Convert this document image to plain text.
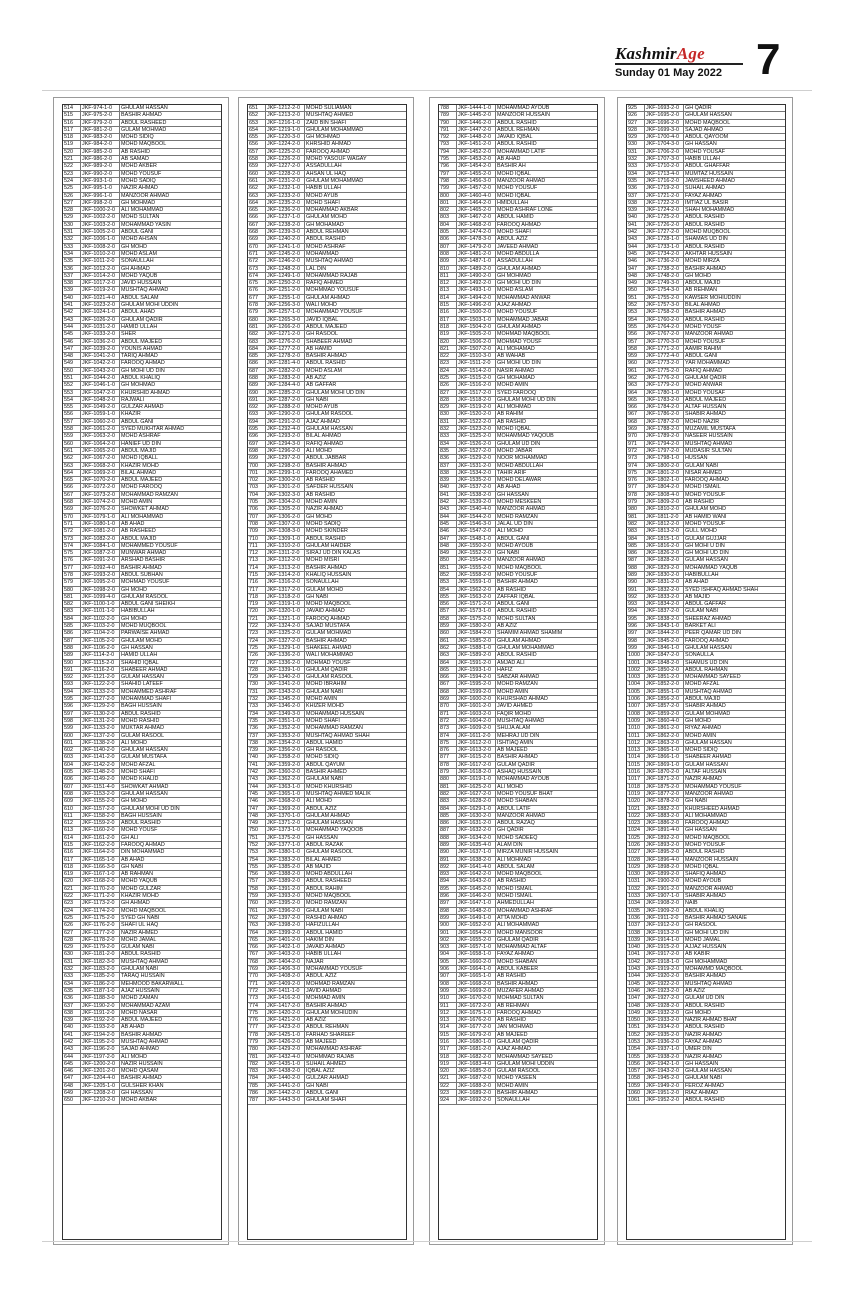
KashmirAge
Sunday 01 May 2022 7
514	JKF-974-1-0	GHULAM HASSAN
515	JKF-975-2-0	BASHIR AHMAD
516	JKF-979-2-0	ABDUL RASHEED
517	JKF-981-2-0	GULAM MOHMAD
518	JKF-983-2-0	MOHD SIDIQ
519	JKF-984-2-0	MOHD MAQBOOL
520	JKF-985-2-0	AB RASHID
521	JKF-986-2-0	AB SAMAD
522	JKF-989-2-0	MOHD AKBER
523	JKF-990-2-0	MOHD YOUSUF
524	JKF-993-1-0	MOHD SADIQ
525	JKF-995-1-0	NAZIR AHMAD
526	JKF-996-1-0	MANZOOR AHMAD
527	JKF-998-2-0	GH MOHMAD
528	JKF-1000-2-0	ALI MOHAMMAD
529	JKF-1002-2-0	MOHD SULTAN
530	JKF-1003-2-0	MOHAMMAD YASIN
531	JKF-1005-2-0	ABDUL GANI
532	JKF-1006-1-0	MOHD AHSAN
533	JKF-1008-2-0	GH MOHD
534	JKF-1010-2-0	MOHD ASLAM
535	JKF-1011-2-0	SONAULLAH
536	JKF-1012-2-0	GH AHMAD
537	JKF-1014-2-0	MOHD YAQUB
538	JKF-1017-2-0	JAVID HUSSAIN
539	JKF-1019-2-0	MUSHTAQ AHMAD
540	JKF-1021-4-0	ABDUL SALAM
541	JKF-1023-2-0	GHULAM MOHI UDDIN
542	JKF-1024-1-0	ABDUL AHAD
543	JKF-1026-2-0	GHULAM QADIR
544	JKF-1031-2-0	HAMID ULLAH
545	JKF-1033-2-0	SHER
546	JKF-1036-2-0	ABDUL MAJEED
547	JKF-1039-2-0	YOUNIS AHMAD
548	JKF-1041-2-0	TARIQ AHMAD
549	JKF-1042-2-0	FAROOQ AHMAD
550	JKF-1043-2-0	GH MOHI UD DIN
551	JKF-1044-2-0	ABDUL KHALIQ
552	JKF-1046-1-0	GH MOHMAD
553	JKF-1047-2-0	KHURSHID AHMAD
554	JKF-1048-2-0	RAJWALI
555	JKF-1049-2-0	GULZAR AHMAD
556	JKF-1059-1-0	KHAZIR
557	JKF-1060-2-0	ABDUL GANI
558	JKF-1061-2-0	SYED MUKHTAR AHMAD
559	JKF-1063-2-0	MOHD ASHRAF
560	JKF-1064-2-0	HANIEF UD DIN
561	JKF-1065-2-0	ABDUL MAJID
562	JKF-1067-2-0	MOHD IQBALL
563	JKF-1068-2-0	KHAZIR MOHD
564	JKF-1069-2-0	BILAL AHMAD
565	JKF-1070-2-0	ABDUL MAJEED
566	JKF-1072-2-0	MOHD FAROOQ
567	JKF-1073-2-0	MOHAMMAD RAMZAN
568	JKF-1074-2-0	MOHD AMIN
569	JKF-1076-2-0	SHOWKET AHMAD
570	JKF-1079-1-0	ALI MOHAMMAD
571	JKF-1080-1-0	AB AHAD
572	JKF-1081-2-0	AB RASHEED
573	JKF-1082-2-0	ABDUL MAJID
574	JKF-1084-1-0	MOHAMMED YOUSUF
575	JKF-1087-2-0	MUNWAR AHMAD
576	JKF-1091-2-0	ARSHAD BASHIR
577	JKF-1092-4-0	BASHIR AHMAD
578	JKF-1093-2-0	ABDUL SUBHAN
579	JKF-1095-2-0	MOHMAD YOUSUF
580	JKF-1098-2-0	GH MOHD
581	JKF-1099-4-0	GHULAM RASOOL
582	JKF-1100-1-0	ABDUL GANI SHEIKH
583	JKF-1101-1-0	HABIBULLAH
584	JKF-1102-2-0	GH MOHD
585	JKF-1103-2-0	MOHD MUQBOOL
586	JKF-1104-2-0	PARWAISE AHMAD
587	JKF-1105-2-0	GHULAM MOHD
588	JKF-1106-2-0	GH HASSAN
589	JKF-1114-2-0	HAMID ULLAH
590	JKF-1115-2-0	SHAHID IQBAL
591	JKF-1116-2-0	SHABEER AHMAD
592	JKF-1121-2-0	GULAM HASSAN
593	JKF-1122-2-0	SHAHID LATEEF
594	JKF-1133-2-0	MOHAMMED ASHRAF
595	JKF-1127-2-0	MOHAMMAD SHAFI
596	JKF-1129-2-0	BAGH HUSSAIN
597	JKF-1130-2-0	ABDUL RASHID
598	JKF-1131-2-0	MOHD RASHID
599	JKF-1133-2-0	MUKTAR AHMAD
600	JKF-1137-2-0	GULAM RASOOL
601	JKF-1138-2-0	ALI MOHD
602	JKF-1140-2-0	GHULAM HASSAN
603	JKF-1141-2-0	GULAM MUSTAFA
604	JKF-1142-2-0	MOHD AFZAL
605	JKF-1148-2-0	MOHD SHAFI
606	JKF-1149-2-0	MOHD KHALID
607	JKF-1151-4-0	SHOWKAT AHMAD
608	JKF-1153-2-0	GHULAM HASSAN
609	JKF-1155-2-0	GH MOHD
610	JKF-1157-2-0	GHULAM MOHI UD DIN
611	JKF-1158-2-0	BAGH HUSSAIN
612	JKF-1159-2-0	ABDUL RASHID
613	JKF-1160-2-0	MOHD YOUSF
614	JKF-1161-2-0	GH ALI
615	JKF-1162-2-0	FAROOQ AHMAD
616	JKF-1164-2-0	DIN MOHAMMAD
617	JKF-1165-1-0	AB AHAD
618	JKF-1166-3-0	GH NABI
619	JKF-1167-1-0	AB RAHMAN
620	JKF-1168-2-0	MOHD YAQUB
621	JKF-1170-2-0	MOHD GULZAR
622	JKF-1171-2-0	KHAZIR MOHD
623	JKF-1173-2-0	GH AHMAD
624	JKF-1174-2-0	MOHD MAQBOOL
625	JKF-1175-2-0	SYED GH NABI
626	JKF-1176-2-0	SHAFI UL HAQ
627	JKF-1177-2-0	NAZIR AHMED
628	JKF-1178-2-0	MOHD JAMAL
629	JKF-1179-2-0	GULAM NABI
630	JKF-1181-2-0	ABDUL RASHID
631	JKF-1182-3-0	MUSHTAQ AHMAD
632	JKF-1183-2-0	GHULAM NABI
633	JKF-1185-2-0	TARAQ HUSSAIN
634	JKF-1186-2-0	MEHMOOD BAKARWALL
635	JKF-1187-1-0	AJAZ HUSSAIN
636	JKF-1188-3-0	MOHD ZAMAN
637	JKF-1190-2-0	MOHAMMAD AZAM
638	JKF-1191-2-0	MOHD NASAR
639	JKF-1192-2-0	ABDUL MAJEED
640	JKF-1193-2-0	AB AHAD
641	JKF-1194-2-0	BASHIR AHMAD
642	JKF-1195-2-0	MUSHTAQ AHMAD
643	JKF-1196-2-0	SAJAD AHMAD
644	JKF-1197-2-0	ALI MOHD
645	JKF-1200-2-0	NAZIR HUSSAIN
646	JKF-1201-2-0	MOHD QASAM
647	JKF-1204-4-0	BASHIR AHMAD
648	JKF-1205-1-0	GULSHER KHAN
649	JKF-1208-2-0	GH HASSAN
650	JKF-1210-2-0	MOHD AKBAR
651	JKF-1212-2-0	MOHD SULIAMAN
652	JKF-1213-2-0	MUSHTAQ AHMED
653	JKF-1216-1-0	ZAID BIN SHAFI
654	JKF-1219-1-0	GHULAM MOHAMMAD
655	JKF-1220-3-0	GH MOHMAD
656	JKF-1224-2-0	KHRSHID AHMAD
657	JKF-1225-2-0	FAROOQ AHMAD
658	JKF-1226-2-0	MOHD YASOUF WAGAY
659	JKF-1227-2-0	ASSADULLAH
660	JKF-1228-2-0	AHSAN UL HAQ
661	JKF-1231-2-0	GHULAM MOHAMMAD
662	JKF-1232-1-0	HABIB ULLAH
663	JKF-1233-2-0	MOHD AYUB
664	JKF-1235-2-0	MOHD SHAFI
665	JKF-1236-2-0	MOHAMMAD AKBAR
666	JKF-1237-1-0	GHULAM MOHD
667	JKF-1238-2-0	GH MOHAMAD
668	JKF-1239-3-0	ABDUL REHMAN
669	JKF-1240-2-0	ABDUL RASHID
670	JKF-1241-1-0	MOHD ASHRAF
671	JKF-1245-2-0	MOHAMMAD
672	JKF-1246-2-0	MUSHTAQ AHMAD
673	JKF-1248-2-0	LAL DIN
674	JKF-1249-1-0	MOHAMMAD RAJAB
675	JKF-1250-2-0	RAFIQ AHMED
676	JKF-1251-2-0	MOHMMAD YOUSUF
677	JKF-1255-1-0	GHULAM AHMAD
678	JKF-1256-3-0	WALI MOHD
679	JKF-1257-1-0	MOHAMMAD YOUSUF
680	JKF-1265-3-0	JAVID IQBAL
681	JKF-1266-2-0	ABDUL MAJEED
682	JKF-1271-2-0	GH RASOOL
683	JKF-1276-2-0	SHABEER AHMAD
684	JKF-1277-2-0	AB HAMID
685	JKF-1278-2-0	BASHIR AHMAD
686	JKF-1281-4-0	ABDUL RASHID
687	JKF-1282-2-0	MOHD ASLAM
688	JKF-1283-2-0	AB AZIZ
689	JKF-1284-4-0	AB GAFFAR
690	JKF-1285-2-0	GHULAM MOHI UD DIN
691	JKF-1287-2-0	GH NABI
692	JKF-1288-2-0	MOHD AYUB
693	JKF-1290-2-0	GHULAM RASOOL
694	JKF-1291-2-0	AJAZ AHMAD
695	JKF-1292-4-0	GHULAM HASSAN
696	JKF-1293-2-0	BILAL AHMAD
697	JKF-1294-3-0	RAFIQ AHMAD
698	JKF-1296-2-0	ALI MOHD
699	JKF-1297-2-0	ABDUL JABBAR
700	JKF-1298-2-0	BASHIR AHMAD
701	JKF-1299-1-0	FAROOQ AHAMED
702	JKF-1300-2-0	AB RASHID
703	JKF-1301-2-0	SAFDER HUSSAIN
704	JKF-1302-3-0	AB RASHID
705	JKF-1304-2-0	MOHD AMIN
706	JKF-1305-2-0	NAZIR AHMAD
707	JKF-1306-2-0	GH MOHD
708	JKF-1307-2-0	MOHD SADIQ
709	JKF-1308-3-0	MOHD SKINDER
710	JKF-1309-1-0	ABDUL RASHID
711	JKF-1310-2-0	GHULAM HAIDER
712	JKF-1311-2-0	SIRAJ UD DIN KALAS
713	JKF-1312-2-0	MOHD MISRI
714	JKF-1313-2-0	BASHIR AHMAD
715	JKF-1314-2-0	KHALIQ HUSSAIN
716	JKF-1316-2-0	SONAULLAH
717	JKF-1317-2-0	GULAM MOHD
718	JKF-1318-2-0	GH NABI
719	JKF-1319-1-0	MOHD MAQBOOL
720	JKF-1320-1-0	JAVAID AHMAD
721	JKF-1321-1-0	FAROOQ AHMAD
722	JKF-1324-2-0	SAJAD MUSTAFA
723	JKF-1325-2-0	GULAM MOHMAD
724	JKF-1327-2-0	BASHIR AHMAD
725	JKF-1329-1-0	SHAKEEL AHMAD
726	JKF-1336-2-0	WALI MOHAMMAD
727	JKF-1336-2-0	MOHMAD YOUSF
728	JKF-1339-1-0	GHULAM QADIR
729	JKF-1340-2-0	GHULAM RASOOL
730	JKF-1341-2-0	MOHD IBRAHIM
731	JKF-1343-2-0	GHULAM NABI
732	JKF-1345-2-0	MOHD AMIN
733	JKF-1346-2-0	KHIZER MOHD
734	JKF-1349-3-0	MOHAMMAD HUSSAIN
735	JKF-1351-1-0	MOHD SHAFI
736	JKF-1352-2-0	MOHAMMAD RAMZAN
737	JKF-1353-2-0	MUSHTAQ AHMAD SHAH
738	JKF-1354-2-0	ABDUL HAMID
739	JKF-1356-2-0	GH RASOOL
740	JKF-1358-2-0	MOHD SIDIQ
741	JKF-1359-2-0	ABDUL QAYUM
742	JKF-1360-2-0	BASHIR AHMED
743	JKF-1362-2-0	GHULAM NABI
744	JKF-1363-1-0	MOHD KHURSHID
745	JKF-1365-1-0	MUSHTAQ AHMED MALIK
746	JKF-1368-2-0	ALI MOHD
747	JKF-1369-2-0	ABDUL AZIZ
748	JKF-1370-1-0	GHULAM AHMAD
749	JKF-1371-2-0	GHULAM HASSAN
750	JKF-1373-1-0	MOHAMMAD YAQOOB
751	JKF-1375-2-0	GH HASSAN
752	JKF-1377-1-0	ABDUL RAZAK
753	JKF-1380-1-0	GHULAM RASOOL
754	JKF-1383-2-0	BILAL AHMED
755	JKF-1385-2-0	AB MAJID
756	JKF-1388-2-0	MOHD ABDULLAH
757	JKF-1389-2-0	ABDUL RASHEED
758	JKF-1391-2-0	ABDUL RAHIM
759	JKF-1393-2-0	MOHD MAQBOOL
760	JKF-1395-2-0	MOHD RAMZAN
761	JKF-1396-2-0	GHULAM NABI
762	JKF-1397-2-0	RASHID AHMAD
763	JKF-1398-2-0	HAFIZULLAH
764	JKF-1399-2-0	ABDUL HAMID
765	JKF-1401-2-0	HAKIM DIN
766	JKF-1402-1-0	JAVAID AHMAD
767	JKF-1403-2-0	HABIB ULLAH
768	JKF-1404-2-0	NAJAR
769	JKF-1406-3-0	MOHAMMAD YOUSUF
770	JKF-1408-2-0	ABDUL AZIZ
771	JKF-1409-2-0	MOHMAD RAMZAN
772	JKF-1411-1-0	JAVID AHMAD
773	JKF-1416-2-0	MOHMAD AMIN
774	JKF-1417-2-0	BASHIR AHMAD
775	JKF-1420-2-0	GHULAM MOHIUDIN
776	JKF-1421-2-0	AB AZIZ
777	JKF-1423-2-0	ABDUL REHMAN
778	JKF-1425-1-0	FARHAD SHAREEF
779	JKF-1426-2-0	AB MAJEED
780	JKF-1429-2-0	MOHAMMAD ASHRAF
781	JKF-1432-4-0	MOHMMAD RAJAB
782	JKF-1435-1-0	SUHAIL AHMED
783	JKF-1438-2-0	IQBAL AZIZ
784	JKF-1440-2-0	GULZAR AHMAD
785	JKF-1441-2-0	GH NABI
786	JKF-1442-2-0	ABDUL GANI
787	JKF-1443-3-0	GHULAM SHAFI
788	JKF-1444-1-0	MOHAMMAD AYOUB
789	JKF-1445-2-0	MANZOOR HUSSAIN
790	JKF-1446-2-0	ABDUL RASHID
791	JKF-1447-2-0	ABDUL REHMAN
792	JKF-1448-2-0	JAVAID IQBAL
793	JKF-1451-2-0	ABDUL RASHID
794	JKF-1452-2-0	MOHAMMAD LATIF
795	JKF-1453-2-0	AB AHAD
796	JKF-1454-2-0	BASHIR AH
797	JKF-1455-2-0	MOHD IQBAL
798	JKF-1456-3-0	MANZOOR AHMAD
799	JKF-1457-2-0	MOHD YOUSUF
800	JKF-1460-4-0	MOHD IQBAL
801	JKF-1464-2-0	HMIDULLAH
802	JKF-1465-2-0	MOHD ASHRAF LONE
803	JKF-1467-2-0	ABDUL HAMID
804	JKF-1468-2-0	FAROOQ AHMAD
805	JKF-1474-2-0	MOHD SHAFI
806	JKF-1478-3-0	ABDUL AZIZ
807	JKF-1479-2-0	JAVEED AHMAD
808	JKF-1481-2-0	MOHD ABDULLA
809	JKF-1487-1-0	ASSADULLAH
810	JKF-1489-2-0	GHULAM AHMAD
811	JKF-1490-2-0	GH MOHMAD
812	JKF-1492-2-0	GH MOHI UD DIN
813	JKF-1493-1-0	MOHD ASLAM
814	JKF-1494-2-0	MOHAMMAD ANWAR
815	JKF-1496-2-0	AJAZ AHMAD
816	JKF-1500-2-0	MOHD YOUSUF
817	JKF-1503-1-0	MOHAMMAD JABAR
818	JKF-1504-2-0	GHULAM AHMAD
819	JKF-1505-2-0	MOHMAD MAQBOOL
820	JKF-1506-2-0	MOHMAD YOUSF
821	JKF-1507-2-0	ALI MOHAMAD
822	JKF-1510-3-0	AB WAHAB
823	JKF-1511-2-0	GH MOHI UD DIN
824	JKF-1514-2-0	NASIR AHMAD
825	JKF-1515-2-0	GH MOHAMAD
826	JKF-1516-2-0	MOHD AMIN
827	JKF-1517-2-0	SYED FAROOQ
828	JKF-1518-2-0	GHULAM MOHI UD DIN
829	JKF-1519-2-0	ALI MOHMAD
830	JKF-1520-2-0	AB RAHIM
831	JKF-1522-2-0	AB RASHID
832	JKF-1523-2-0	MOHD IQBAL
833	JKF-1525-2-0	MOHAMMAD YAQOUB
834	JKF-1526-2-0	GHULAM UD DIN
835	JKF-1527-2-0	MOHD JABAR
836	JKF-1529-2-0	NOOR MOHAMMAD
837	JKF-1531-2-0	MOHD ABDULLAH
838	JKF-1534-2-0	TAHIR ARIF
839	JKF-1535-2-0	MOHD DELAWAR
840	JKF-1537-2-0	AB AHAD
841	JKF-1538-2-0	GH HASSAN
842	JKF-1539-2-0	MOHD MESKEEN
843	JKF-1540-4-0	MANZOOR AHMAD
844	JKF-1544-2-0	MOHD RAMZAN
845	JKF-1546-3-0	JALAL UD DIN
846	JKF-1547-2-0	ALI MOHD
847	JKF-1548-1-0	ABDUL GANI
848	JKF-1550-2-0	MOHD AYOUB
849	JKF-1552-2-0	GH NABI
850	JKF-1554-2-0	MANZOOR AHMAD
851	JKF-1555-2-0	MOHD MAQBOOL
852	JKF-1558-2-0	MOHD YOUSUF
853	JKF-1559-1-0	BASHIR AHMAD
854	JKF-1562-2-0	AB RASHID
855	JKF-1563-2-0	ZAFFAR IQBAL
856	JKF-1571-2-0	ABDUL GANI
857	JKF-1573-1-0	ABDUL RASHID
858	JKF-1575-2-0	MOHD SULTAN
859	JKF-1580-2-0	AB AZIZ
860	JKF-1584-2-0	SHAMIM AHMAD SHAMIM
861	JKF-1585-2-0	GHULAM AHMAD
862	JKF-1588-1-0	GHULAM MOHAMMAD
863	JKF-1589-2-0	ABDUL RASHID
864	JKF-1591-2-0	AMJAD ALI
865	JKF-1593-1-0	HAFIZ
866	JKF-1594-2-0	SABZAR AHMAD
867	JKF-1595-2-0	MOHD RAMZAN
868	JKF-1599-2-0	MOHD AMIN
869	JKF-1600-2-0	KHURSHAD AHMAD
870	JKF-1601-2-0	JAVID AHMED
871	JKF-1603-2-0	FAQIR MOHD
872	JKF-1604-2-0	MUSHTAQ AHMAD
873	JKF-1609-2-0	SHUJA ALAM
874	JKF-1611-2-0	MEHRAJ UD DIN
875	JKF-1612-2-0	ISHTIAQ AMIN
876	JKF-1613-2-0	AB MAJEED
877	JKF-1615-2-0	BASHIR AHMAD
878	JKF-1617-2-0	GULAM QADIR
879	JKF-1618-2-0	ASHAQ HUSSAIN
880	JKF-1619-1-0	MOHAMMAD AYOUB
881	JKF-1625-2-0	ALI MOHD
882	JKF-1627-2-0	MOHD YOUSUF BHAT
883	JKF-1628-2-0	MOHD SHABAN
884	JKF-1629-1-0	ABDUL LATIF
885	JKF-1630-2-0	MANZOOR AHMAD
886	JKF-1631-2-0	ABDUL RAZAQ
887	JKF-1632-2-0	GH QADIR
888	JKF-1634-2-0	MOHD SADEEQ
889	JKF-1635-4-0	ALAM DIN
890	JKF-1637-1-0	MIRZA MUNIR HUSSAIN
891	JKF-1638-2-0	ALI MOHMAD
892	JKF-1641-4-0	ABDUL SALAM
893	JKF-1642-2-0	MOHD MAQBOOL
894	JKF-1643-2-0	AB RASHID
895	JKF-1645-2-0	MOHD ISMAIL
896	JKF-1646-2-0	MOHD ISMAIL
897	JKF-1647-1-0	AHMEDULLAH
898	JKF-1648-2-0	MOHAMMAD ASHRAF
899	JKF-1649-1-0	ATTA MOHD
900	JKF-1652-2-0	ALI MOHAMMAD
901	JKF-1654-2-0	MOHD MANSOOR
902	JKF-1655-2-0	GHULAM QADIR
903	JKF-1657-1-0	MOHAMMAD ALTAF
904	JKF-1658-1-0	FAYAZ AHMAD
905	JKF-1660-2-0	MOHD SHABAN
906	JKF-1664-1-0	ABDUL KABEER
907	JKF-1665-1-0	AB RASHID
908	JKF-1668-2-0	BASHIR AHMAD
909	JKF-1669-2-0	MUZAFER AHMAD
910	JKF-1670-2-0	MOHMAD SULTAN
911	JKF-1672-2-0	AB REHMAN
912	JKF-1675-1-0	FAROOQ AHMAD
913	JKF-1676-2-0	AB RASHID
914	JKF-1677-2-0	JAN MOHMAD
915	JKF-1679-2-0	AB MAJEED
916	JKF-1680-1-0	GHULAM QADIR
917	JKF-1681-2-0	AJAZ AHMAD
918	JKF-1682-2-0	MOHAMMAD SAYEED
919	JKF-1683-4-0	GHULAM MOHI UDDIN
920	JKF-1685-2-0	GULAM RASOOL
921	JKF-1687-2-0	MOHD YASEEN
922	JKF-1688-2-0	MOHD AMIN
923	JKF-1689-2-0	BASHIR AHMAD
924	JKF-1692-2-0	SONAULLAH
925	JKF-1693-2-0	GH QADIR
926	JKF-1695-2-0	GHULAM HASSAN
927	JKF-1696-2-0	MOHD MAQBOOL
928	JKF-1699-3-0	SAJAD AHMAD
929	JKF-1700-4-0	ABDUL QAYOOM
930	JKF-1704-3-0	GH HASSAN
931	JKF-1706-2-0	MOHD YOUSAF
932	JKF-1707-3-0	HABIB ULLAH
933	JKF-1710-2-0	ABDUL GHAFFAR
934	JKF-1713-4-0	MUMTAZ HUSSAIN
935	JKF-1716-2-0	JAMSHEED AHMAD
936	JKF-1719-2-0	SUHAIL AHMAD
937	JKF-1721-2-0	FAYAZ AHMAD
938	JKF-1722-2-0	IMTIAZ UL BASIR
939	JKF-1724-2-0	SHAH MOHAMMAD
940	JKF-1725-2-0	ABDUL RASHID
941	JKF-1726-2-0	ABDUL RASHID
942	JKF-1727-2-0	MOHD MUQBOOL
943	JKF-1728-1-0	SHAMAS UD DIN
944	JKF-1733-1-0	ABDUL RASHID
945	JKF-1734-2-0	AKHTAR HUSSAIN
946	JKF-1736-2-0	MOHD MIRZA
947	JKF-1738-2-0	BASHIR AHMAD
948	JKF-1748-2-0	GH MOHD
949	JKF-1749-3-0	ABDUL MAJID
950	JKF-1754-3-0	AB REHMAN
951	JKF-1755-2-0	KAWSER MOHIUDDIN
952	JKF-1757-3-0	BILAL AHMAD
953	JKF-1758-2-0	BASHIR AHMAD
954	JKF-1760-2-0	ABDUL RASHID
955	JKF-1764-2-0	MOHD YOUSF
956	JKF-1767-2-0	MANZOOR AHMAD
957	JKF-1770-3-0	MOHD YOUSUF
958	JKF-1771-2-0	AAMIR RAHIM
959	JKF-1772-4-0	ABDUL GANI
960	JKF-1773-2-0	YAR MOHAMMAD
961	JKF-1775-2-0	RAFIQ AHMAD
962	JKF-1776-2-0	GHULAM QADIR
963	JKF-1779-2-0	MOHD ANWAR
964	JKF-1780-1-0	MOHD YOUSAF
965	JKF-1783-2-0	ABDUL MAJEED
966	JKF-1784-2-0	ALTAF HUSSAIN
967	JKF-1786-2-0	SHABIR AHMAD
968	JKF-1787-2-0	MOHD NAZIR
969	JKF-1788-2-0	MUZAMIL MUSTAFA
970	JKF-1789-2-0	NASEER HUSSAIN
971	JKF-1794-2-0	MUSHTAQ AHMAD
972	JKF-1797-2-0	MUDASIR SULTAN
973	JKF-1798-1-0	HUSSAN
974	JKF-1800-2-0	GULAM NABI
975	JKF-1801-2-0	NISAR AHMED
976	JKF-1802-1-0	FAROOQ AHMAD
977	JKF-1804-2-0	MOHD ISMAIL
978	JKF-1808-4-0	MOHD YOUSUF
979	JKF-1809-2-0	AB RASHID
980	JKF-1810-2-0	GHULAM MOHD
981	JKF-1811-2-0	AB HAMID WANI
982	JKF-1812-2-0	MOHD YOUSUF
983	JKF-1813-2-0	GULL MOHD
984	JKF-1815-1-0	GULAM GUJJAR
985	JKF-1816-2-0	GH MOHI U DIN
986	JKF-1826-2-0	GH MOHI UD DIN
987	JKF-1828-2-0	GULAM HASSAN
988	JKF-1829-2-0	MOHAMMAD YAQUB
989	JKF-1830-2-0	HABIBULLAH
990	JKF-1831-2-0	AB AHAD
991	JKF-1832-2-0	SYED ISHFAQ AHMAD SHAH
992	JKF-1833-2-0	AB MAJID
993	JKF-1834-2-0	ABDUL GAFFAR
994	JKF-1837-2-0	GULAM NABI
995	JKF-1838-2-0	SHEERAZ AHMAD
996	JKF-1843-1-0	BARKET ALI
997	JKF-1844-2-0	PEER QAMAR UD DIN
998	JKF-1845-2-0	FAROOQ AHMAD
999	JKF-1846-1-0	GHULAM HASSAN
1000	JKF-1847-2-0	SONAULLA
1001	JKF-1848-2-0	SHAMUS UD DIN
1002	JKF-1850-2-0	ABDUL RAHMAN
1003	JKF-1851-2-0	MOHAMMAD SAYEED
1004	JKF-1852-2-0	MOHD AFZAL
1005	JKF-1855-1-0	MUSHTAQ AHMAD
1006	JKF-1856-2-0	ABDUL MAJID
1007	JKF-1857-2-0	SHABIR AHMAD
1008	JKF-1859-2-0	GULAM MOHMAD
1009	JKF-1860-4-0	GH MOHD
1010	JKF-1861-2-0	RIYAZ AHMAD
1011	JKF-1862-2-0	MOHD AMIN
1012	JKF-1863-2-0	GHULAM HASSAN
1013	JKF-1865-1-0	MOHD SIDIQ
1014	JKF-1866-1-0	SHABEER AHMAD
1015	JKF-1869-1-0	GULAM HASSAN
1016	JKF-1870-2-0	ALTAF HUSSAIN
1017	JKF-1871-2-0	NAZIR AHMAD
1018	JKF-1875-2-0	MOHAMMAD YOUSUF
1019	JKF-1877-2-0	MANZOOR AHMAD
1020	JKF-1878-2-0	GH NABI
1021	JKF-1882-2-0	KHURSHEED AHMAD
1022	JKF-1883-2-0	ALI MOHAMMAD
1023	JKF-1886-2-0	FAROOQ AHMAD
1024	JKF-1891-4-0	GH HASSAN
1025	JKF-1892-2-0	MOHD MAQBOOL
1026	JKF-1893-2-0	MOHD YOUSUF
1027	JKF-1895-2-0	ABDUL RASHID
1028	JKF-1896-4-0	MANZOOR HUSSAIN
1029	JKF-1898-2-0	MOHD IQBAL
1030	JKF-1899-2-0	SHAFIQ AHMAD
1031	JKF-1900-2-0	MOHD AYOUB
1032	JKF-1901-2-0	MANZOOR AHMAD
1033	JKF-1907-1-0	SHABIR AHMAD
1034	JKF-1908-2-0	NAIB
1035	JKF-1909-2-0	ABDUL KHALIQ
1036	JKF-1911-2-0	BASHIR AHMAD SANAIE
1037	JKF-1912-2-0	GH RASOOL
1038	JKF-1913-2-0	GH MOHI UD DIN
1039	JKF-1914-1-0	MOHD JAMAL
1040	JKF-1915-2-0	AJJAZ HUSSAIN
1041	JKF-1917-2-0	AB KABIR
1042	JKF-1918-1-0	GH MOHAMMAD
1043	JKF-1919-2-0	MOHAMMD MAQBOOL
1044	JKF-1920-2-0	BASHIR AHMAD
1045	JKF-1922-2-0	MUSHTAQ AHMAD
1046	JKF-1923-2-0	AB AZIZ
1047	JKF-1927-2-0	GULAM UD DIN
1048	JKF-1928-2-0	ABDUL RASHID
1049	JKF-1932-2-0	GH MOHD
1050	JKF-1933-2-0	NAZIR AHMAD BHAT
1051	JKF-1934-2-0	ABDUL RASHID
1052	JKF-1935-2-0	NAZIR AHMAD
1053	JKF-1936-2-0	FAYAZ AHMAD
1054	JKF-1937-1-0	UMER DIN
1055	JKF-1938-2-0	NAZIR AHMAD
1056	JKF-1942-1-0	GH HASSAIN
1057	JKF-1943-2-0	GHULAM HASSAN
1058	JKF-1945-2-0	GHULAM NABI
1059	JKF-1949-2-0	FEROZ AHMAD
1060	JKF-1951-2-0	RIAZ AHMAD
1061	JKF-1952-2-0	ABDUL RASHID
